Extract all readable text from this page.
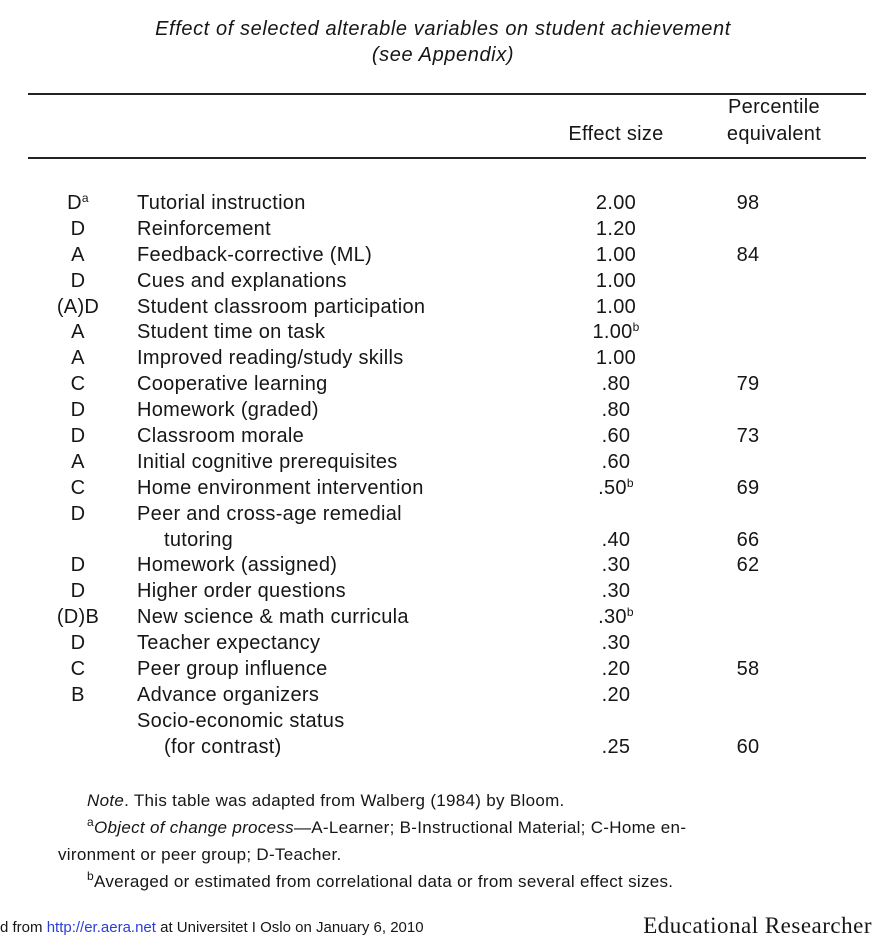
Effect of selected alterable variables on student achievement
(see Appendix)
Effect size
Percentile
equivalent
$D^a$	Tutorial instruction	2.00	98
D	Reinforcement	1.20
A	Feedback-corrective (ML)	1.00	84
D	Cues and explanations	1.00
(A)D	Student classroom participation	1.00
A	Student time on task	1.00$^b$
A	Improved reading/study skills	1.00
C	Cooperative learning	.80	79
D	Homework (graded)	.80
D	Classroom morale	.60	73
A	Initial cognitive prerequisites	.60
C	Home environment intervention	.50$^b$	69
D	Peer and cross-age remedial
tutoring	.40	66
D	Homework (assigned)	.30	62
D	Higher order questions	.30
(D)B	New science & math curricula	.30$^b$
D	Teacher expectancy	.30
C	Peer group influence	.20	58
B	Advance organizers	.20
Socio-economic status
(for contrast)	.25	60
Note. This table was adapted from Walberg (1984) by Bloom.
$^a$Object of change process—A-Learner; B-Instructional Material; C-Home en-
vironment or peer group; D-Teacher.
$^b$Averaged or estimated from correlational data or from several effect sizes.
d from http://er.aera.net at Universitet I Oslo on January 6, 2010	Educational Researcher
